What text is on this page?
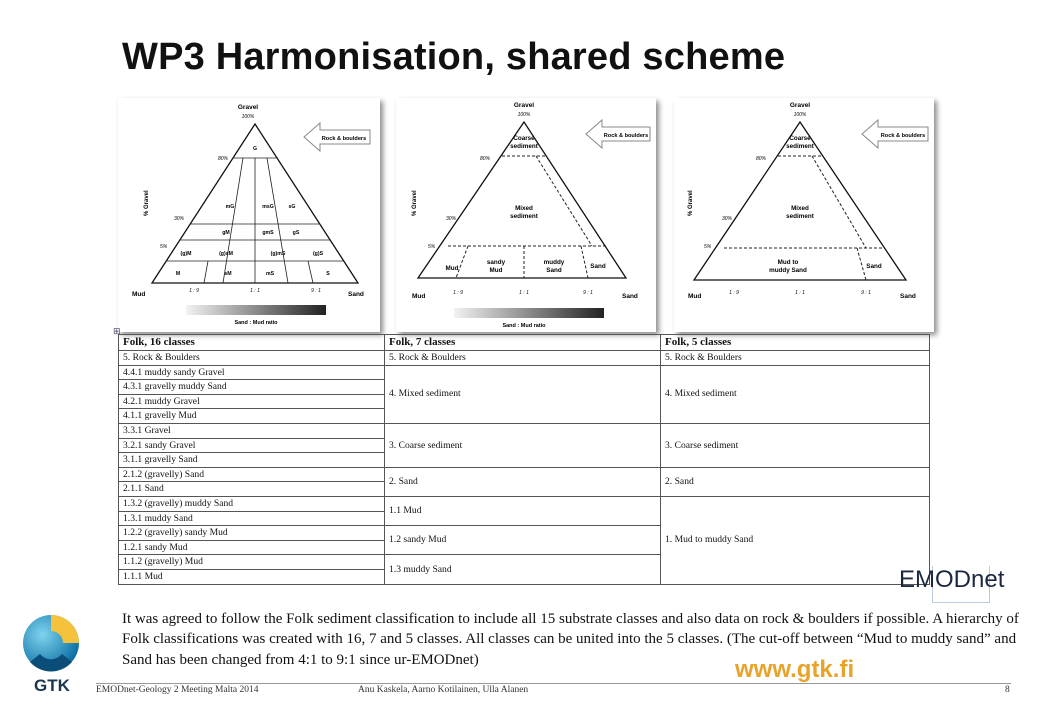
WP3 Harmonisation, shared scheme
Gravel
100%
80%
30%
5%
% Gravel
G
mG	msG	sG
gM	gmS	gS
(g)M	(g)sM	(g)mS	(g)S
M	sM	mS	S
Mud	Sand
1 : 9	1 : 1	9 : 1
Sand : Mud ratio
Rock & boulders
Gravel
100%
80%
30%
5%
% Gravel
Coarse
sediment
Mixed
sediment
Mud
sandy
Mud
muddy
Sand
Sand
Mud	Sand
1 : 9	1 : 1	9 : 1
Sand : Mud ratio
Rock & boulders
Gravel
100%
80%
30%
5%
% Gravel
Coarse
sediment
Mixed
sediment
Mud to
muddy Sand
Sand
Mud	Sand
1 : 9	1 : 1	9 : 1
Rock & boulders
⊞
Folk, 16 classes	Folk, 7 classes	Folk, 5 classes
5. Rock & Boulders	5. Rock & Boulders	5. Rock & Boulders
4.4.1 muddy sandy Gravel	4. Mixed sediment	4. Mixed sediment
4.3.1 gravelly muddy Sand		
4.2.1 muddy Gravel		
4.1.1 gravelly Mud		
3.3.1 Gravel	3. Coarse sediment	3. Coarse sediment
3.2.1 sandy Gravel		
3.1.1 gravelly Sand		
2.1.2 (gravelly) Sand	2. Sand	2. Sand
2.1.1 Sand		
1.3.2 (gravelly) muddy Sand	1.1 Mud	1. Mud to muddy Sand
1.3.1 muddy Sand		
1.2.2 (gravelly) sandy Mud	1.2 sandy Mud	
1.2.1 sandy Mud		
1.1.2 (gravelly) Mud	1.3 muddy Sand	
1.1.1 Mud			EMODnet
It was agreed to follow the Folk sediment classification to include all 15 substrate classes and also data on rock & boulders if possible. A hierarchy of Folk classifications was created with 16, 7 and 5 classes. All classes can be united into the 5 classes. (The cut-off between “Mud to muddy sand” and Sand has been changed from 4:1 to 9:1 since ur-EMODnet)
GTK
www.gtk.fi
EMODnet-Geology 2 Meeting Malta 2014	Anu Kaskela, Aarno Kotilainen, Ulla Alanen	8
